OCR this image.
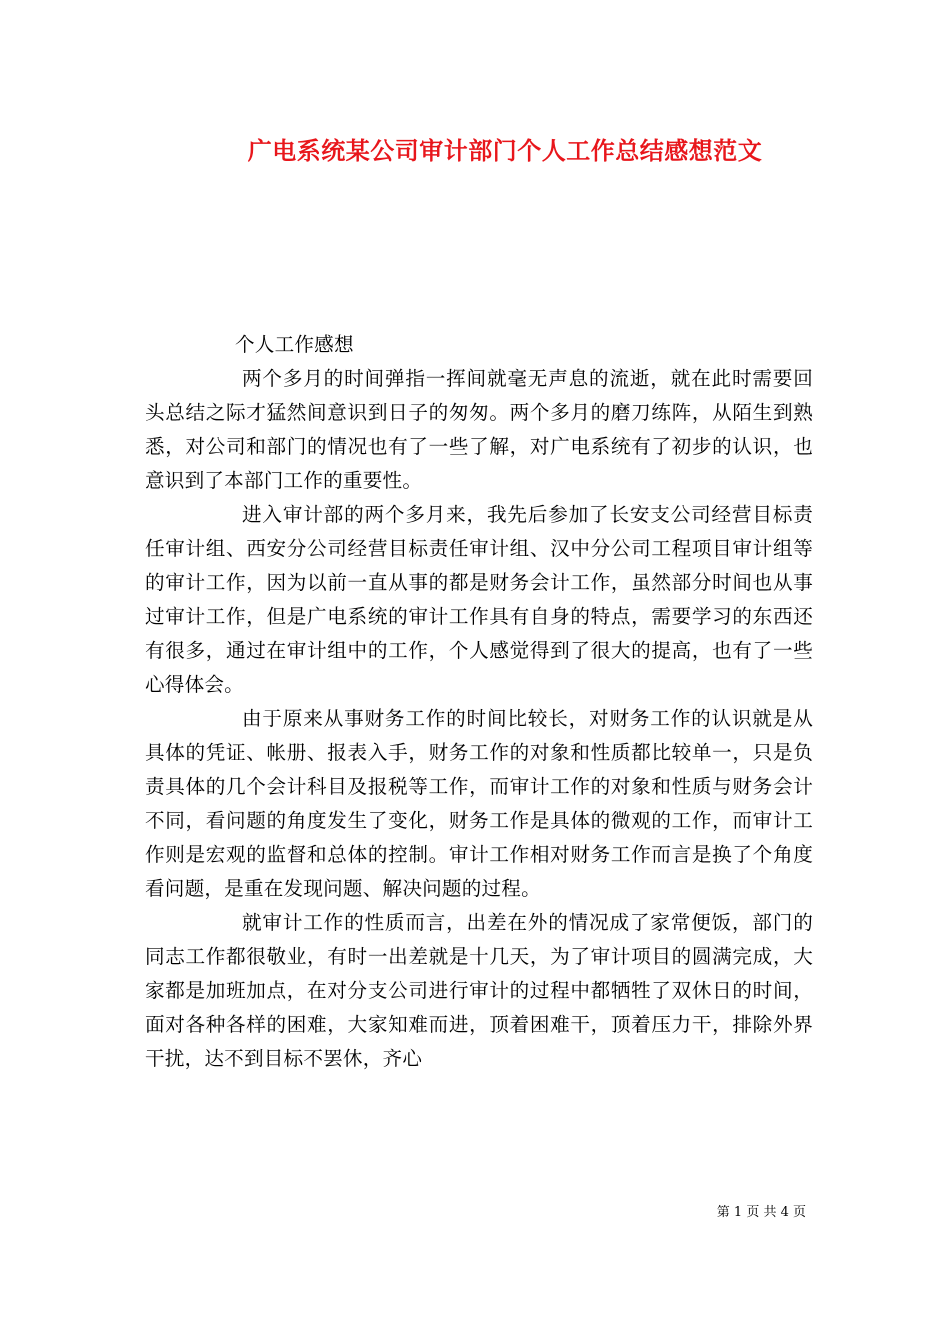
广电系统某公司审计部门个人工作总结感想范文

个人工作感想

两个多月的时间弹指一挥间就毫无声息的流逝，就在此时需要回头总结之际才猛然间意识到日子的匆匆。两个多月的磨刀练阵，从陌生到熟悉，对公司和部门的情况也有了一些了解，对广电系统有了初步的认识，也意识到了本部门工作的重要性。

进入审计部的两个多月来，我先后参加了长安支公司经营目标责任审计组、西安分公司经营目标责任审计组、汉中分公司工程项目审计组等的审计工作，因为以前一直从事的都是财务会计工作，虽然部分时间也从事过审计工作，但是广电系统的审计工作具有自身的特点，需要学习的东西还有很多，通过在审计组中的工作，个人感觉得到了很大的提高，也有了一些心得体会。

由于原来从事财务工作的时间比较长，对财务工作的认识就是从具体的凭证、帐册、报表入手，财务工作的对象和性质都比较单一，只是负责具体的几个会计科目及报税等工作，而审计工作的对象和性质与财务会计不同，看问题的角度发生了变化，财务工作是具体的微观的工作，而审计工作则是宏观的监督和总体的控制。审计工作相对财务工作而言是换了个角度看问题，是重在发现问题、解决问题的过程。

就审计工作的性质而言，出差在外的情况成了家常便饭，部门的同志工作都很敬业，有时一出差就是十几天，为了审计项目的圆满完成，大家都是加班加点，在对分支公司进行审计的过程中都牺牲了双休日的时间，面对各种各样的困难，大家知难而进，顶着困难干，顶着压力干，排除外界干扰，达不到目标不罢休，齐心

第 1 页 共 4 页
